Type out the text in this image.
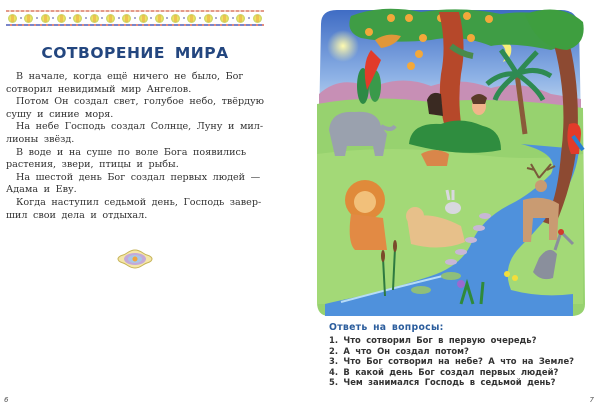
СОТВОРЕНИЕ МИРА

В начале, когда ещё ничего не было, Бог
сотворил невидимый мир Ангелов.

Потом Он создал свет, голубое небо, твёрдую
сушу и синие моря.

На небе Господь создал Солнце, Луну и мил-
лионы звёзд.

В воде и на суше по воле Бога появились
растения, звери, птицы и рыбы.

На шестой день Бог создал первых людей —
Адама и Еву.

Когда наступил седьмой день, Господь завер-
шил свои дела и отдыхал.

6

Ответь на вопросы:

1. Что сотворил Бог в первую очередь?
2. А что Он создал потом?
3. Что Бог сотворил на небе? А что на Земле?
4. В какой день Бог создал первых людей?
5. Чем занимался Господь в седьмой день?
7
